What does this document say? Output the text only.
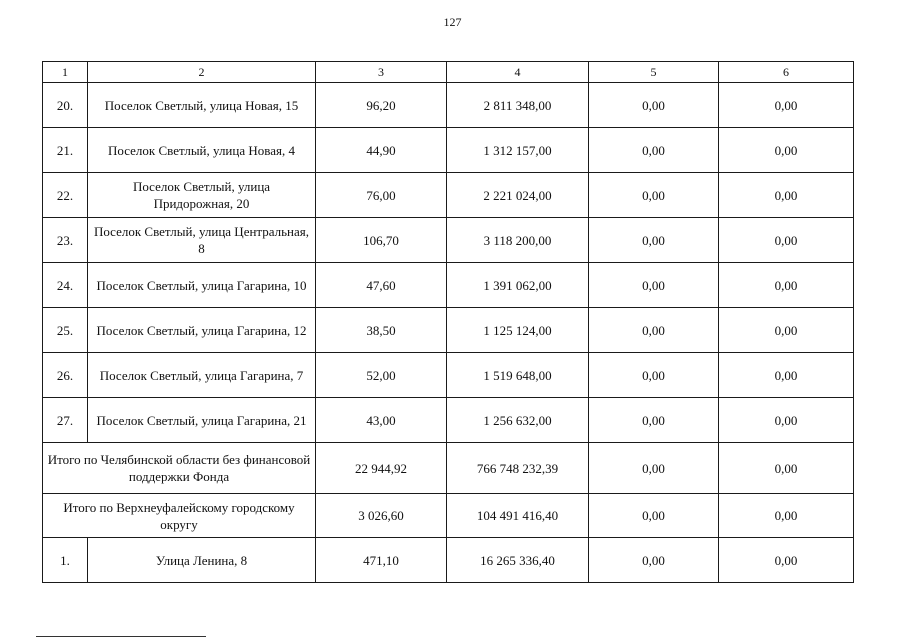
127
1	2	3	4	5	6
20.	Поселок Светлый, улица Новая, 15	96,20	2 811 348,00	0,00	0,00
21.	Поселок Светлый, улица Новая, 4	44,90	1 312 157,00	0,00	0,00
22.	Поселок Светлый, улица Придорожная, 20	76,00	2 221 024,00	0,00	0,00
23.	Поселок Светлый, улица Центральная, 8	106,70	3 118 200,00	0,00	0,00
24.	Поселок Светлый, улица Гагарина, 10	47,60	1 391 062,00	0,00	0,00
25.	Поселок Светлый, улица Гагарина, 12	38,50	1 125 124,00	0,00	0,00
26.	Поселок Светлый, улица Гагарина, 7	52,00	1 519 648,00	0,00	0,00
27.	Поселок Светлый, улица Гагарина, 21	43,00	1 256 632,00	0,00	0,00
Итого по Челябинской области без финансовой поддержки Фонда		22 944,92	766 748 232,39	0,00	0,00
Итого по Верхнеуфалейскому городскому округу		3 026,60	104 491 416,40	0,00	0,00
1.	Улица Ленина, 8	471,10	16 265 336,40	0,00	0,00
